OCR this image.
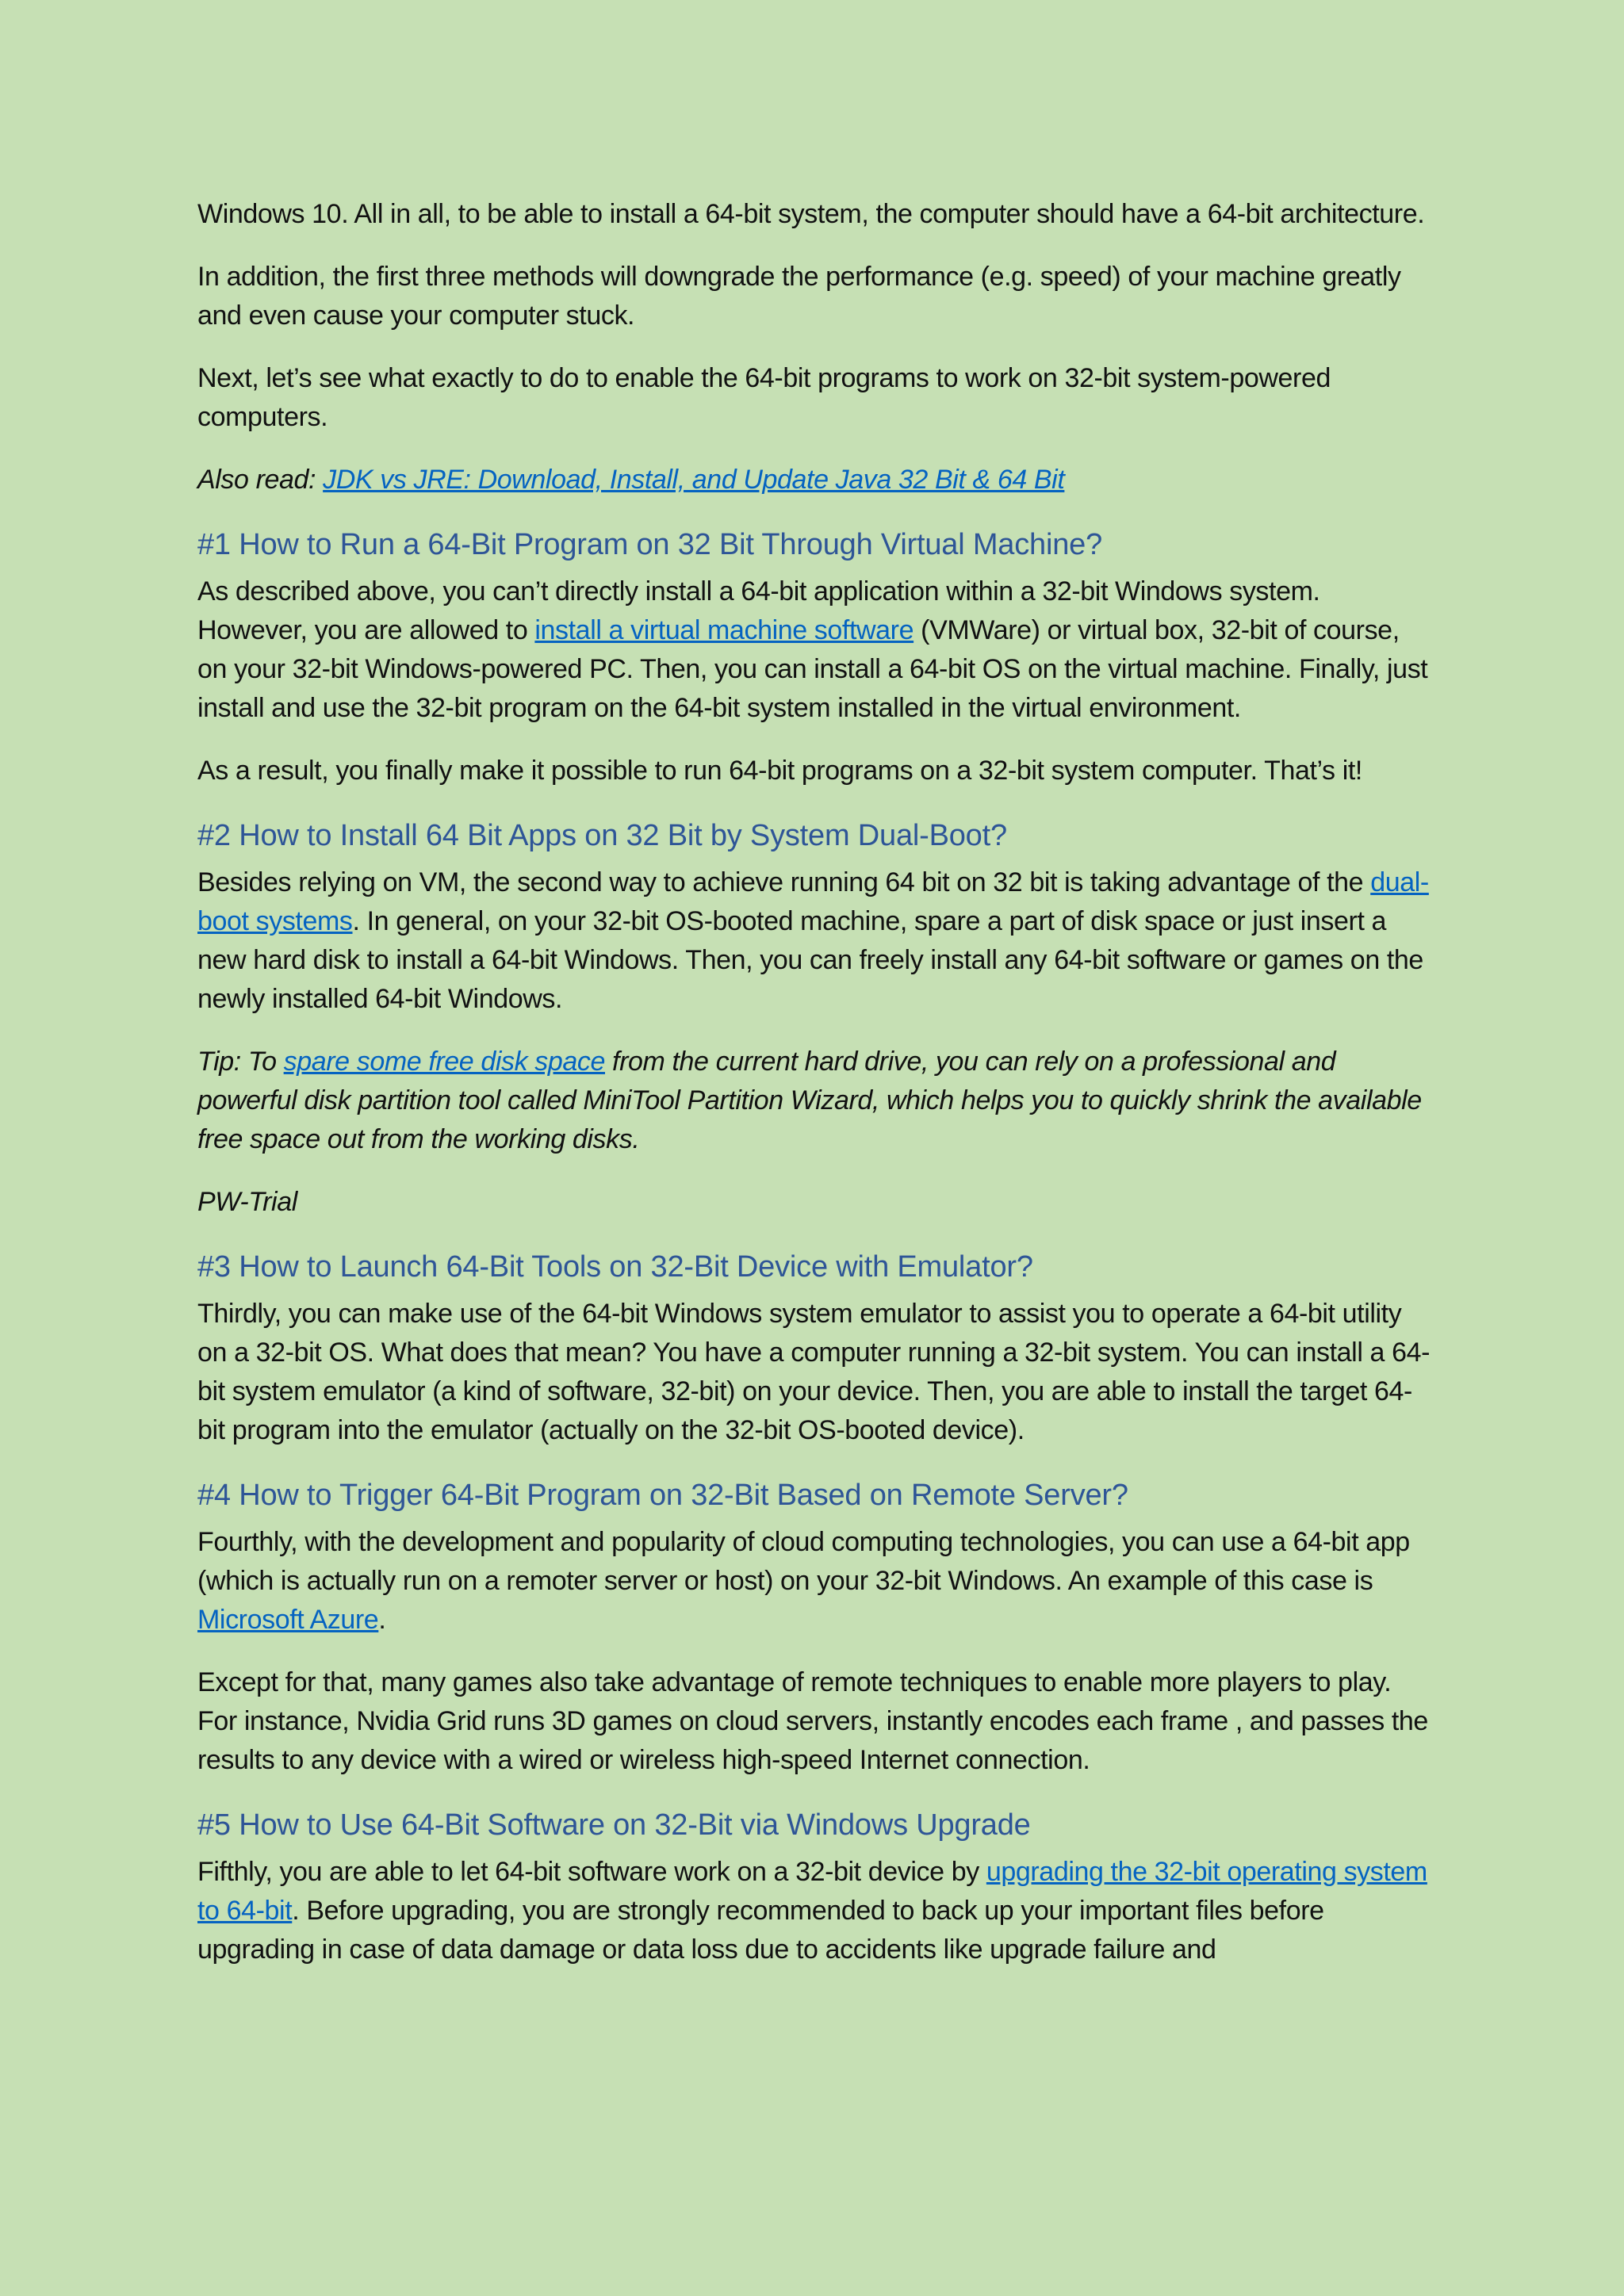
Windows 10. All in all, to be able to install a 64-bit system, the computer should have a 64-bit architecture.

In addition, the first three methods will downgrade the performance (e.g. speed) of your machine greatly and even cause your computer stuck.

Next, let’s see what exactly to do to enable the 64-bit programs to work on 32-bit system-powered computers.

Also read: JDK vs JRE: Download, Install, and Update Java 32 Bit & 64 Bit

#1 How to Run a 64-Bit Program on 32 Bit Through Virtual Machine?

As described above, you can’t directly install a 64-bit application within a 32-bit Windows system. However, you are allowed to install a virtual machine software (VMWare) or virtual box, 32-bit of course, on your 32-bit Windows-powered PC. Then, you can install a 64-bit OS on the virtual machine. Finally, just install and use the 32-bit program on the 64-bit system installed in the virtual environment.

As a result, you finally make it possible to run 64-bit programs on a 32-bit system computer. That’s it!

#2 How to Install 64 Bit Apps on 32 Bit by System Dual-Boot?

Besides relying on VM, the second way to achieve running 64 bit on 32 bit is taking advantage of the dual-boot systems. In general, on your 32-bit OS-booted machine, spare a part of disk space or just insert a new hard disk to install a 64-bit Windows. Then, you can freely install any 64-bit software or games on the newly installed 64-bit Windows.

Tip: To spare some free disk space from the current hard drive, you can rely on a professional and powerful disk partition tool called MiniTool Partition Wizard, which helps you to quickly shrink the available free space out from the working disks.

PW-Trial

#3 How to Launch 64-Bit Tools on 32-Bit Device with Emulator?

Thirdly, you can make use of the 64-bit Windows system emulator to assist you to operate a 64-bit utility on a 32-bit OS. What does that mean? You have a computer running a 32-bit system. You can install a 64-bit system emulator (a kind of software, 32-bit) on your device. Then, you are able to install the target 64-bit program into the emulator (actually on the 32-bit OS-booted device).

#4 How to Trigger 64-Bit Program on 32-Bit Based on Remote Server?

Fourthly, with the development and popularity of cloud computing technologies, you can use a 64-bit app (which is actually run on a remoter server or host) on your 32-bit Windows. An example of this case is Microsoft Azure.

Except for that, many games also take advantage of remote techniques to enable more players to play. For instance, Nvidia Grid runs 3D games on cloud servers, instantly encodes each frame , and passes the results to any device with a wired or wireless high-speed Internet connection.

#5 How to Use 64-Bit Software on 32-Bit via Windows Upgrade

Fifthly, you are able to let 64-bit software work on a 32-bit device by upgrading the 32-bit operating system to 64-bit. Before upgrading, you are strongly recommended to back up your important files before upgrading in case of data damage or data loss due to accidents like upgrade failure and
